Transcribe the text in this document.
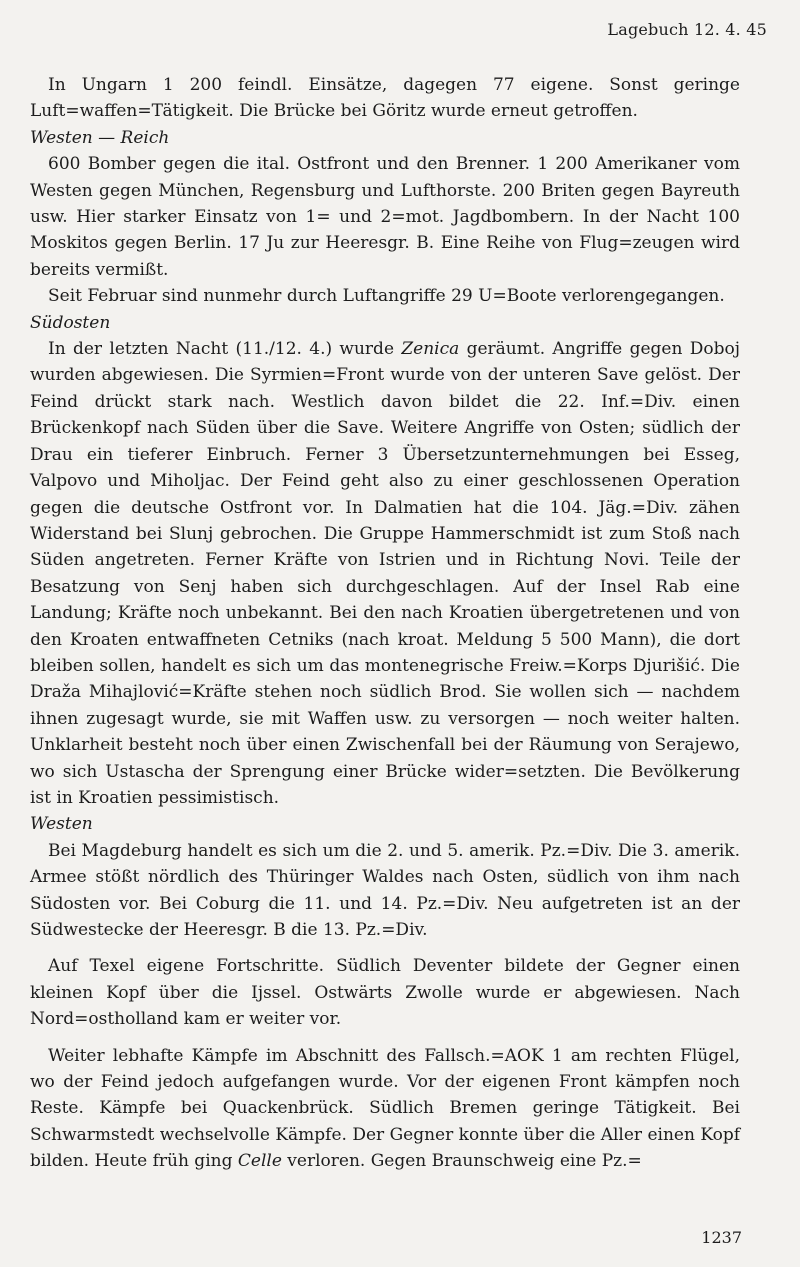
Lagebuch 12. 4. 45

In Ungarn 1 200 feindl. Einsätze, dagegen 77 eigene. Sonst geringe Luft=waffen=Tätigkeit. Die Brücke bei Göritz wurde erneut getroffen.

Westen — Reich

600 Bomber gegen die ital. Ostfront und den Brenner. 1 200 Amerikaner vom Westen gegen München, Regensburg und Lufthorste. 200 Briten gegen Bayreuth usw. Hier starker Einsatz von 1= und 2=mot. Jagdbombern. In der Nacht 100 Moskitos gegen Berlin. 17 Ju zur Heeresgr. B. Eine Reihe von Flug=zeugen wird bereits vermißt.

Seit Februar sind nunmehr durch Luftangriffe 29 U=Boote verlorengegangen.

Südosten

In der letzten Nacht (11./12. 4.) wurde Zenica geräumt. Angriffe gegen Doboj wurden abgewiesen. Die Syrmien=Front wurde von der unteren Save gelöst. Der Feind drückt stark nach. Westlich davon bildet die 22. Inf.=Div. einen Brückenkopf nach Süden über die Save. Weitere Angriffe von Osten; südlich der Drau ein tieferer Einbruch. Ferner 3 Übersetzunternehmungen bei Esseg, Valpovo und Miholjac. Der Feind geht also zu einer geschlossenen Operation gegen die deutsche Ostfront vor. In Dalmatien hat die 104. Jäg.=Div. zähen Widerstand bei Slunj gebrochen. Die Gruppe Hammerschmidt ist zum Stoß nach Süden angetreten. Ferner Kräfte von Istrien und in Richtung Novi. Teile der Besatzung von Senj haben sich durchgeschlagen. Auf der Insel Rab eine Landung; Kräfte noch unbekannt. Bei den nach Kroatien übergetretenen und von den Kroaten entwaffneten Cetniks (nach kroat. Meldung 5 500 Mann), die dort bleiben sollen, handelt es sich um das montenegrische Freiw.=Korps Djurišić. Die Draža Mihajlović=Kräfte stehen noch südlich Brod. Sie wollen sich — nachdem ihnen zugesagt wurde, sie mit Waffen usw. zu versorgen — noch weiter halten. Unklarheit besteht noch über einen Zwischenfall bei der Räumung von Serajewo, wo sich Ustascha der Sprengung einer Brücke wider=setzten. Die Bevölkerung ist in Kroatien pessimistisch.

Westen

Bei Magdeburg handelt es sich um die 2. und 5. amerik. Pz.=Div. Die 3. amerik. Armee stößt nördlich des Thüringer Waldes nach Osten, südlich von ihm nach Südosten vor. Bei Coburg die 11. und 14. Pz.=Div. Neu aufgetreten ist an der Südwestecke der Heeresgr. B die 13. Pz.=Div.

Auf Texel eigene Fortschritte. Südlich Deventer bildete der Gegner einen kleinen Kopf über die Ijssel. Ostwärts Zwolle wurde er abgewiesen. Nach Nord=ostholland kam er weiter vor.

Weiter lebhafte Kämpfe im Abschnitt des Fallsch.=AOK 1 am rechten Flügel, wo der Feind jedoch aufgefangen wurde. Vor der eigenen Front kämpfen noch Reste. Kämpfe bei Quackenbrück. Südlich Bremen geringe Tätigkeit. Bei Schwarmstedt wechselvolle Kämpfe. Der Gegner konnte über die Aller einen Kopf bilden. Heute früh ging Celle verloren. Gegen Braunschweig eine Pz.=

1237
